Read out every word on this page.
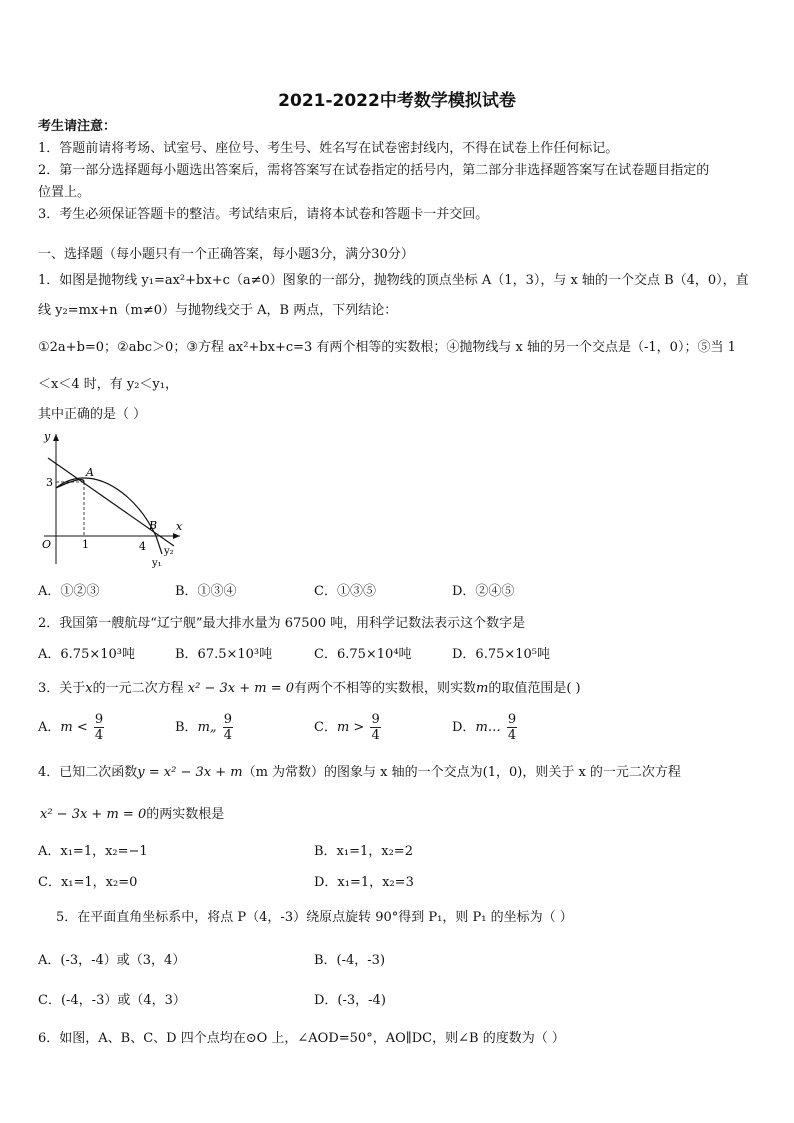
2021-2022中考数学模拟试卷
考生请注意：
1．答题前请将考场、试室号、座位号、考生号、姓名写在试卷密封线内，不得在试卷上作任何标记。
2．第一部分选择题每小题选出答案后，需将答案写在试卷指定的括号内，第二部分非选择题答案写在试卷题目指定的
位置上。
3．考生必须保证答题卡的整洁。考试结束后，请将本试卷和答题卡一并交回。
一、选择题（每小题只有一个正确答案，每小题3分，满分30分）
1．如图是抛物线 y₁=ax²+bx+c（a≠0）图象的一部分，抛物线的顶点坐标 A（1，3），与 x 轴的一个交点 B（4，0），直
线 y₂=mx+n（m≠0）与抛物线交于 A，B 两点，下列结论：
①2a+b=0；②abc＞0；③方程 ax²+bx+c=3 有两个相等的实数根；④抛物线与 x 轴的另一个交点是（-1，0）；⑤当 1
＜x＜4 时，有 y₂＜y₁，
其中正确的是（ ）
y
x
O
3
1	4
A
B
y₂
y₁
A．①②③	B．①③④	C．①③⑤	D．②④⑤
2．我国第一艘航母“辽宁舰”最大排水量为 67500 吨，用科学记数法表示这个数字是
A．6.75×10³吨	B．67.5×10³吨	C．6.75×10⁴吨	D．6.75×10⁵吨
3．关于x的一元二次方程 x² − 3x + m = 0有两个不相等的实数根，则实数m的取值范围是( )
A．$m < \frac{9}{4}$	B．m„ $\frac{9}{4}$	C．$m > \frac{9}{4}$	D．m… $\frac{9}{4}$
4．已知二次函数y = x² − 3x + m（m 为常数）的图象与 x 轴的一个交点为(1，0)，则关于 x 的一元二次方程
x² − 3x + m = 0的两实数根是
A．x₁=1，x₂=−1	B．x₁=1，x₂=2
C．x₁=1，x₂=0	D．x₁=1，x₂=3
5．在平面直角坐标系中，将点 P（4，-3）绕原点旋转 90°得到 P₁，则 P₁ 的坐标为（ ）
A．(-3，-4）或（3，4）	B．(-4，-3)
C．(-4，-3）或（4，3）	D．(-3，-4)
6．如图，A、B、C、D 四个点均在⊙O 上，∠AOD=50°，AO∥DC，则∠B 的度数为（ ）
